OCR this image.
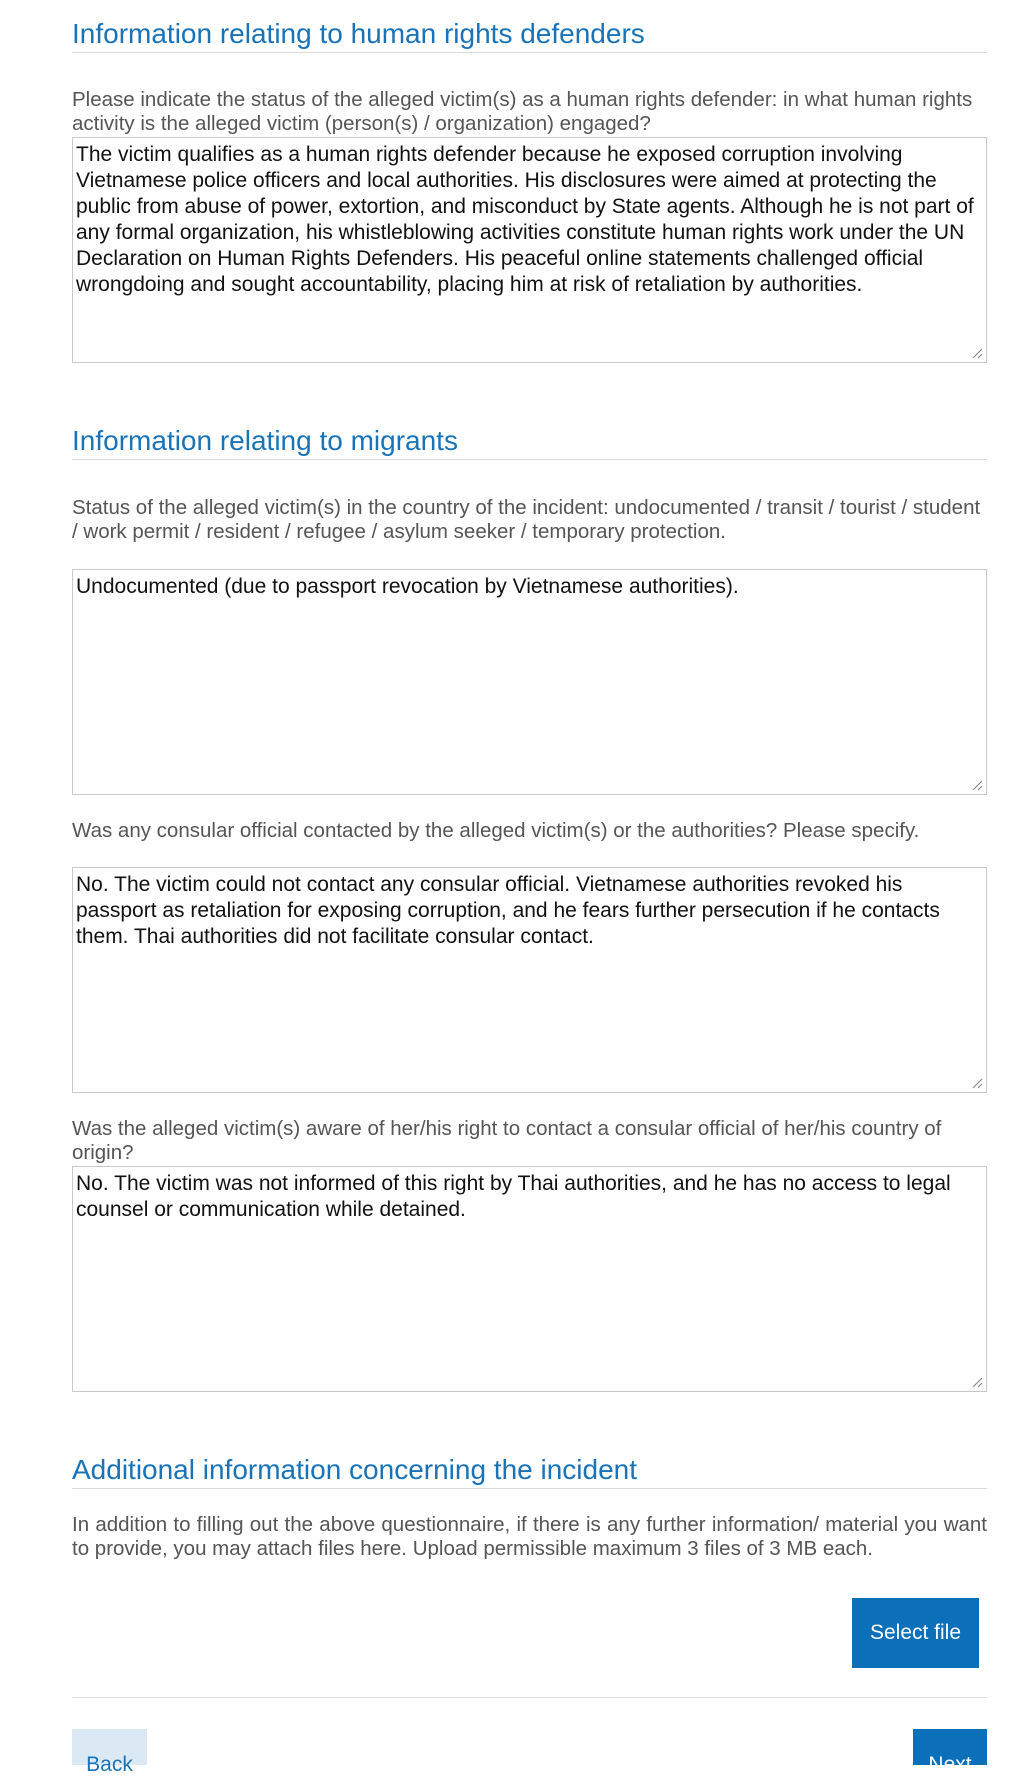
Information relating to human rights defenders

Please indicate the status of the alleged victim(s) as a human rights defender: in what human rights activity is the alleged victim (person(s) / organization) engaged?

The victim qualifies as a human rights defender because he exposed corruption involving Vietnamese police officers and local authorities. His disclosures were aimed at protecting the public from abuse of power, extortion, and misconduct by State agents. Although he is not part of any formal organization, his whistleblowing activities constitute human rights work under the UN Declaration on Human Rights Defenders. His peaceful online statements challenged official wrongdoing and sought accountability, placing him at risk of retaliation by authorities.
Information relating to migrants

Status of the alleged victim(s) in the country of the incident: undocumented / transit / tourist / student / work permit / resident / refugee / asylum seeker / temporary protection.

Undocumented (due to passport revocation by Vietnamese authorities).

Was any consular official contacted by the alleged victim(s) or the authorities? Please specify.

No. The victim could not contact any consular official. Vietnamese authorities revoked his passport as retaliation for exposing corruption, and he fears further persecution if he contacts them. Thai authorities did not facilitate consular contact.

Was the alleged victim(s) aware of her/his right to contact a consular official of her/his country of origin?

No. The victim was not informed of this right by Thai authorities, and he has no access to legal counsel or communication while detained.
Additional information concerning the incident

In addition to filling out the above questionnaire, if there is any further information/ material you want to provide, you may attach files here. Upload permissible maximum 3 files of 3 MB each.

Select file
Back	Next
